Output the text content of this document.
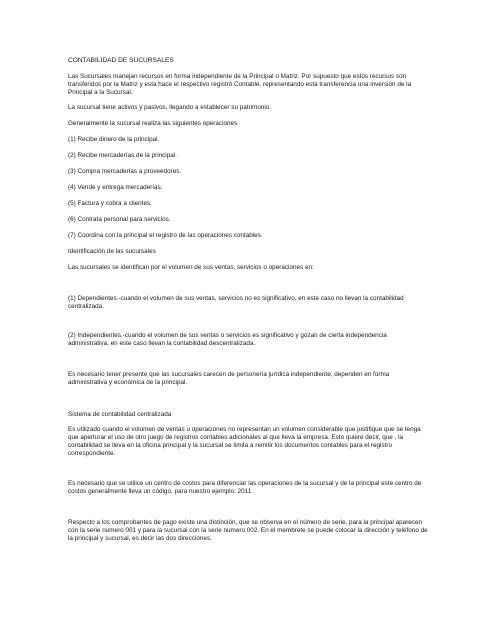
CONTABILIDAD DE SUCURSALES

Las Sucursales manejan recursos en forma independiente de la Principal o Matriz. Por supuesto que estos recursos son transferidos por la Matriz y esta hace el respectivo registró Contable, representando esta transferencia una inversión de la Principal a la Sucursal.

La sucursal tiene activos y pasivos, llegando a establecer su patrimonio.

Generalmente la sucursal realiza las siguientes operaciones

(1) Recibe dinero de la principal.

(2) Recibe mercaderías de la principal.

(3) Compra mercaderías a proveedores.

(4) Vende y entrega mercaderías.

(5) Factura y cobra a clientes.

(6) Contrata personal para servicios.

(7) Coordina con la principal el registro de las operaciones contables.

Identificación de las sucursales

Las sucursales se identifican por el volumen de sus ventas, servicios o operaciones en:

(1) Dependientes.-cuando el volumen de sus ventas, servicios no es significativo, en este caso no llevan la contabilidad centralizada.

(2) Independientes.-cuando el volumen de sus ventas o servicios es significativo y gozan de cierta independencia administrativa, en este caso llevan la contabilidad descentralizada.

Es necesario tener presente que las sucursales carecen de personería jurídica independiente, dependen en forma administrativa y económica de la principal.

Sistema de contabilidad centralizada

Es utilizado cuando el volumen de ventas u operaciones no representan un volumen considerable que justifique que se tenga que aperturar el uso de otro juego de registros contables adicionales al que lleva la empresa. Esto quiere decir, que , la contabilidad se lleva en la oficina principal y la sucursal se limita a remitir los documentos contables para el registro correspondiente.

Es necesario que se utilice un centro de costos para diferenciar las operaciones de la sucursal y de la principal este centro de costos generalmente lleva un código, para nuestro ejemplo: 2011

Respecto a los comprobantes de pago existe una distinción, que se observa en el número de serie, para la principal aparecen con la serie numero 001 y para la sucursal con la serie numero 002. En el membrete se puede colocar la dirección y teléfono de la principal y sucursal, es decir las dos direcciones.
